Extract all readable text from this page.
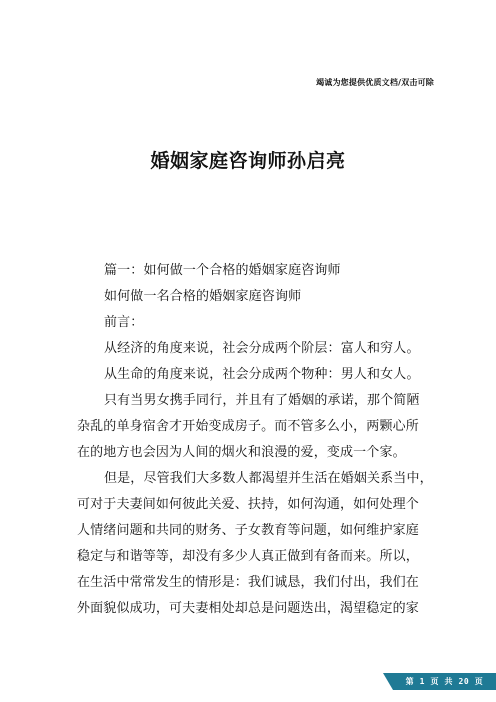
竭诚为您提供优质文档/双击可除
婚姻家庭咨询师孙启亮
篇一：如何做一个合格的婚姻家庭咨询师
如何做一名合格的婚姻家庭咨询师
前言：
从经济的角度来说，社会分成两个阶层：富人和穷人。
从生命的角度来说，社会分成两个物种：男人和女人。
只有当男女携手同行，并且有了婚姻的承诺，那个简陋
杂乱的单身宿舍才开始变成房子。而不管多么小，两颗心所
在的地方也会因为人间的烟火和浪漫的爱，变成一个家。
但是，尽管我们大多数人都渴望并生活在婚姻关系当中，
可对于夫妻间如何彼此关爱、扶持，如何沟通，如何处理个
人情绪问题和共同的财务、子女教育等问题，如何维护家庭
稳定与和谐等等，却没有多少人真正做到有备而来。所以，
在生活中常常发生的情形是：我们诚恳，我们付出，我们在
外面貌似成功，可夫妻相处却总是问题迭出，渴望稳定的家
第 1 页 共 20 页
